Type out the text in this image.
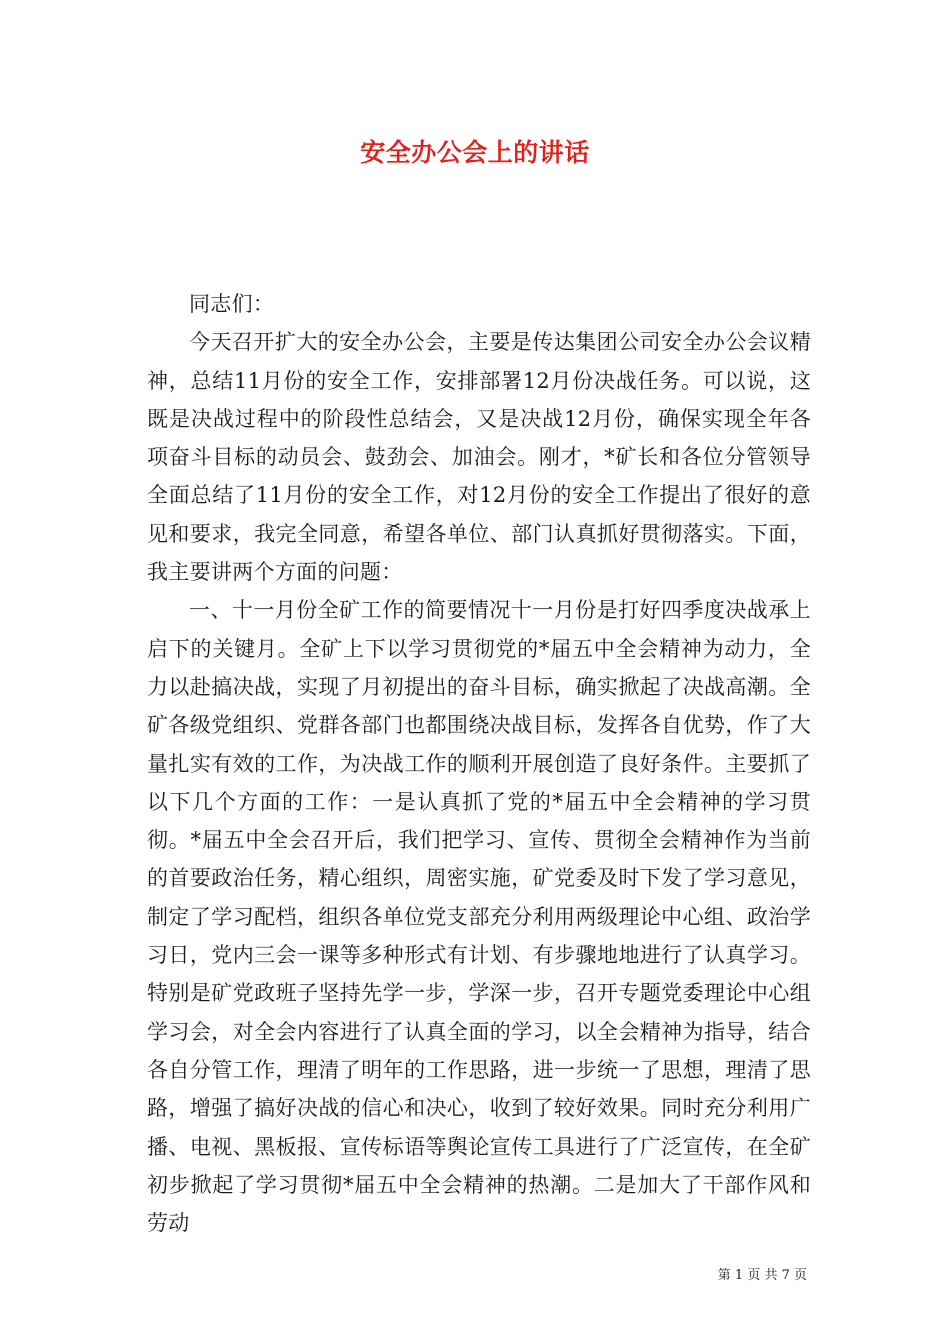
安全办公会上的讲话

同志们：

今天召开扩大的安全办公会，主要是传达集团公司安全办公会议精神，总结11月份的安全工作，安排部署12月份决战任务。可以说，这既是决战过程中的阶段性总结会，又是决战12月份，确保实现全年各项奋斗目标的动员会、鼓劲会、加油会。刚才，*矿长和各位分管领导全面总结了11月份的安全工作，对12月份的安全工作提出了很好的意见和要求，我完全同意，希望各单位、部门认真抓好贯彻落实。下面，我主要讲两个方面的问题：

一、十一月份全矿工作的简要情况十一月份是打好四季度决战承上启下的关键月。全矿上下以学习贯彻党的*届五中全会精神为动力，全力以赴搞决战，实现了月初提出的奋斗目标，确实掀起了决战高潮。全矿各级党组织、党群各部门也都围绕决战目标，发挥各自优势，作了大量扎实有效的工作，为决战工作的顺利开展创造了良好条件。主要抓了以下几个方面的工作：一是认真抓了党的*届五中全会精神的学习贯彻。*届五中全会召开后，我们把学习、宣传、贯彻全会精神作为当前的首要政治任务，精心组织，周密实施，矿党委及时下发了学习意见，制定了学习配档，组织各单位党支部充分利用两级理论中心组、政治学习日，党内三会一课等多种形式有计划、有步骤地地进行了认真学习。特别是矿党政班子坚持先学一步，学深一步，召开专题党委理论中心组学习会，对全会内容进行了认真全面的学习，以全会精神为指导，结合各自分管工作，理清了明年的工作思路，进一步统一了思想，理清了思路，增强了搞好决战的信心和决心，收到了较好效果。同时充分利用广播、电视、黑板报、宣传标语等舆论宣传工具进行了广泛宣传，在全矿初步掀起了学习贯彻*届五中全会精神的热潮。二是加大了干部作风和劳动

第 1 页 共 7 页
